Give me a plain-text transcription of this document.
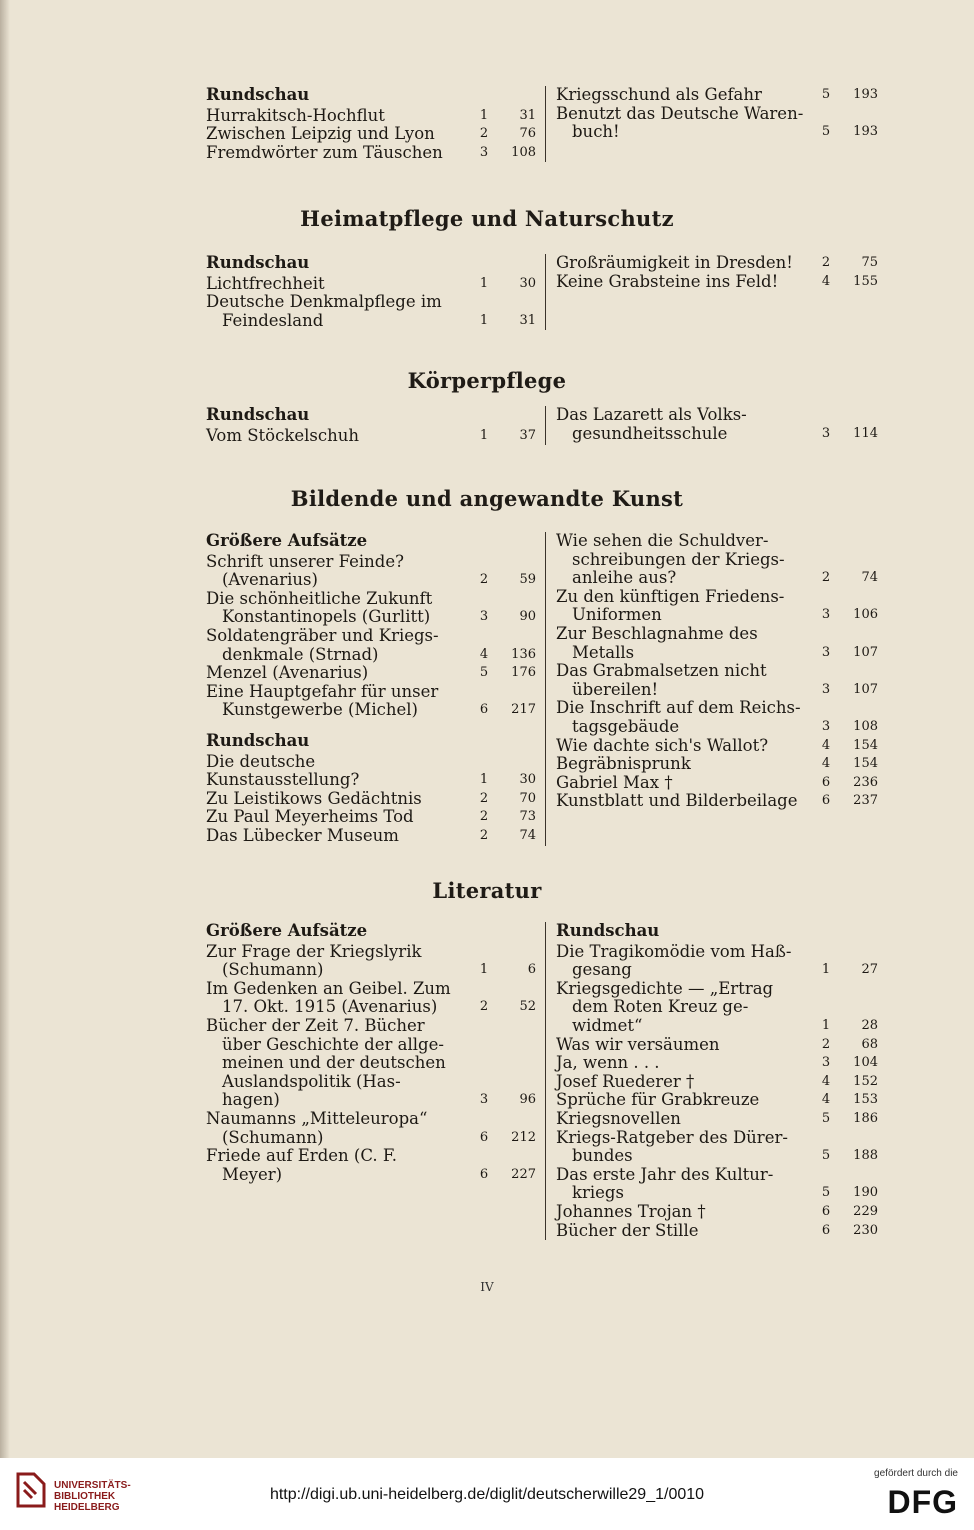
Rundschau
Hurrakitsch-Hochflut	1	31
Zwischen Leipzig und Lyon	2	76
Fremdwörter zum Täuschen	3	108
Kriegsschund als Gefahr	5	193
Benutzt das Deutsche Waren-
buch!	5	193
Heimatpflege und Naturschutz
Rundschau
Lichtfrechheit	1	30
Deutsche Denkmalpflege im
Feindesland	1	31
Großräumigkeit in Dresden!	2	75
Keine Grabsteine ins Feld!	4	155
Körperpflege
Rundschau
Vom Stöckelschuh	1	37
Das Lazarett als Volks-
gesundheitsschule	3	114
Bildende und angewandte Kunst
Größere Aufsätze
Schrift unserer Feinde?
(Avenarius)	2	59
Die schönheitliche Zukunft
Konstantinopels (Gurlitt)	3	90
Soldatengräber und Kriegs-
denkmale (Strnad)	4	136
Menzel (Avenarius)	5	176
Eine Hauptgefahr für unser
Kunstgewerbe (Michel)	6	217
Rundschau
Die deutsche Kunstausstellung?	1	30
Zu Leistikows Gedächtnis	2	70
Zu Paul Meyerheims Tod	2	73
Das Lübecker Museum	2	74
Wie sehen die Schuldver-
schreibungen der Kriegs-
anleihe aus?	2	74
Zu den künftigen Friedens-
Uniformen	3	106
Zur Beschlagnahme des
Metalls	3	107
Das Grabmalsetzen nicht
übereilen!	3	107
Die Inschrift auf dem Reichs-
tagsgebäude	3	108
Wie dachte sich's Wallot?	4	154
Begräbnisprunk	4	154
Gabriel Max †	6	236
Kunstblatt und Bilderbeilage	6	237
Literatur
Größere Aufsätze
Zur Frage der Kriegslyrik
(Schumann)	1	6
Im Gedenken an Geibel. Zum
17. Okt. 1915 (Avenarius)	2	52
Bücher der Zeit 7. Bücher
über Geschichte der allge-
meinen und der deutschen
Auslandspolitik (Has-
hagen)	3	96
Naumanns „Mitteleuropa“
(Schumann)	6	212
Friede auf Erden (C. F.
Meyer)	6	227
Rundschau
Die Tragikomödie vom Haß-
gesang	1	27
Kriegsgedichte — „Ertrag
dem Roten Kreuz ge-
widmet“	1	28
Was wir versäumen	2	68
Ja, wenn . . .	3	104
Josef Ruederer †	4	152
Sprüche für Grabkreuze	4	153
Kriegsnovellen	5	186
Kriegs-Ratgeber des Dürer-
bundes	5	188
Das erste Jahr des Kultur-
kriegs	5	190
Johannes Trojan †	6	229
Bücher der Stille	6	230
IV
UNIVERSITÄTS-
BIBLIOTHEK
HEIDELBERG
http://digi.ub.uni-heidelberg.de/diglit/deutscherwille29_1/0010
gefördert durch die
DFG
